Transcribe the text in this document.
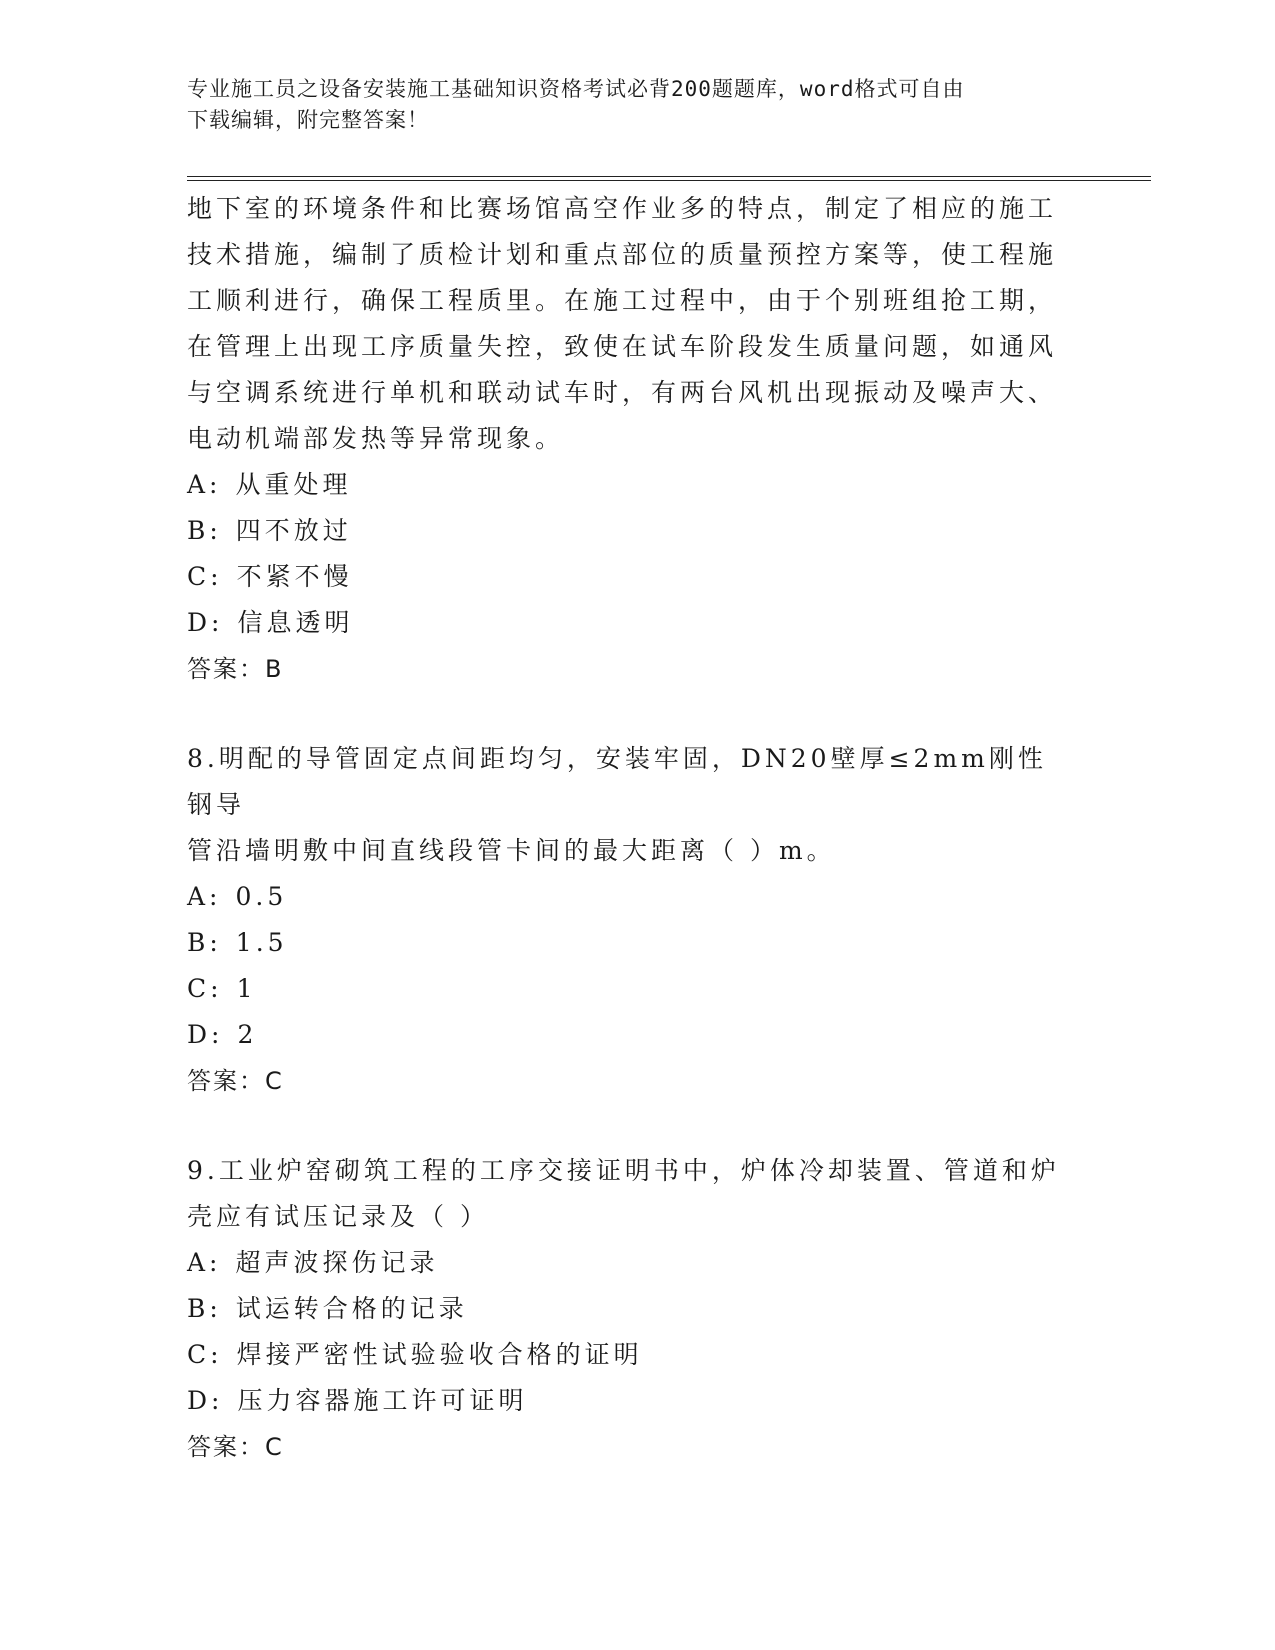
专业施工员之设备安装施工基础知识资格考试必背200题题库，word格式可自由
下载编辑，附完整答案！
地下室的环境条件和比赛场馆高空作业多的特点，制定了相应的施工
技术措施，编制了质检计划和重点部位的质量预控方案等，使工程施
工顺利进行，确保工程质里。在施工过程中，由于个别班组抢工期，
在管理上出现工序质量失控，致使在试车阶段发生质量问题，如通风
与空调系统进行单机和联动试车时，有两台风机出现振动及噪声大、
电动机端部发热等异常现象。
A: 从重处理
B: 四不放过
C: 不紧不慢
D: 信息透明
答案：B
8.明配的导管固定点间距均匀，安装牢固，DN20壁厚≤2mm刚性钢导
管沿墙明敷中间直线段管卡间的最大距离（ ）m。
A: 0.5
B: 1.5
C: 1
D: 2
答案：C
9.工业炉窑砌筑工程的工序交接证明书中，炉体冷却装置、管道和炉
壳应有试压记录及（ ）
A: 超声波探伤记录
B: 试运转合格的记录
C: 焊接严密性试验验收合格的证明
D: 压力容器施工许可证明
答案：C
